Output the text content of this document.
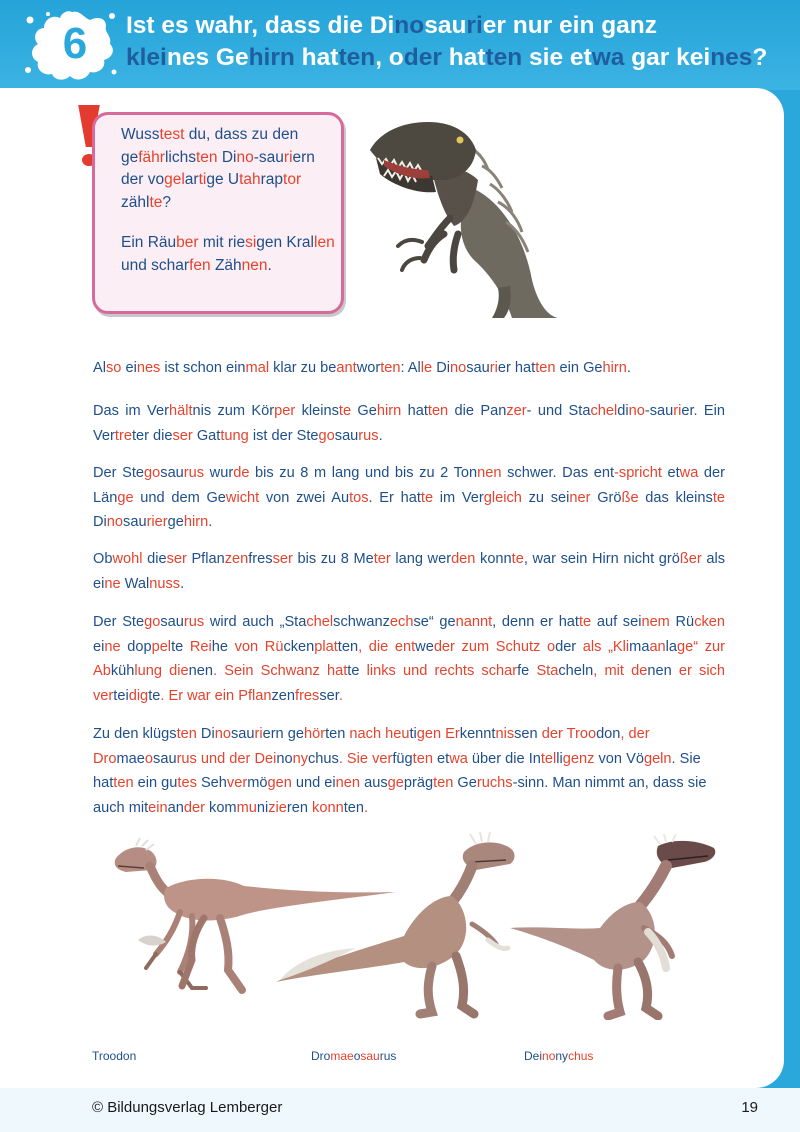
6	Ist es wahr, dass die Dinosaurier nur ein ganz
kleines Gehirn hatten, oder hatten sie etwa gar keines?

Wusstest du, dass zu den gefährlichsten Dino-sauriern der vogelartige Utahraptor zählte?

Ein Räuber mit riesigen Krallen und scharfen Zähnen.

Also eines ist schon einmal klar zu beantworten: Alle Dinosaurier hatten ein Gehirn.

Das im Verhältnis zum Körper kleinste Gehirn hatten die Panzer- und Stacheldino-saurier. Ein Vertreter dieser Gattung ist der Stegosaurus.

Der Stegosaurus wurde bis zu 8 m lang und bis zu 2 Tonnen schwer. Das ent-spricht etwa der Länge und dem Gewicht von zwei Autos. Er hatte im Vergleich zu seiner Größe das kleinste Dinosauriergehirn.

Obwohl dieser Pflanzenfresser bis zu 8 Meter lang werden konnte, war sein Hirn nicht größer als eine Walnuss.

Der Stegosaurus wird auch „Stachelschwanzechse“ genannt, denn er hatte auf seinem Rücken eine doppelte Reihe von Rückenplatten, die entweder zum Schutz oder als „Klimaanlage“ zur Abkühlung dienen. Sein Schwanz hatte links und rechts scharfe Stacheln, mit denen er sich verteidigte. Er war ein Pflanzenfresser.

Zu den klügsten Dinosauriern gehörten nach heutigen Erkenntnissen der Troodon, der Dromaeosaurus und der Deinonychus. Sie verfügten etwa über die Intelligenz von Vögeln. Sie hatten ein gutes Sehvermögen und einen ausgeprägten Geruchs-sinn. Man nimmt an, dass sie auch miteinander kommunizieren konnten.

Troodon	Dromaeosaurus	Deinonychus
© Bildungsverlag Lemberger	19
